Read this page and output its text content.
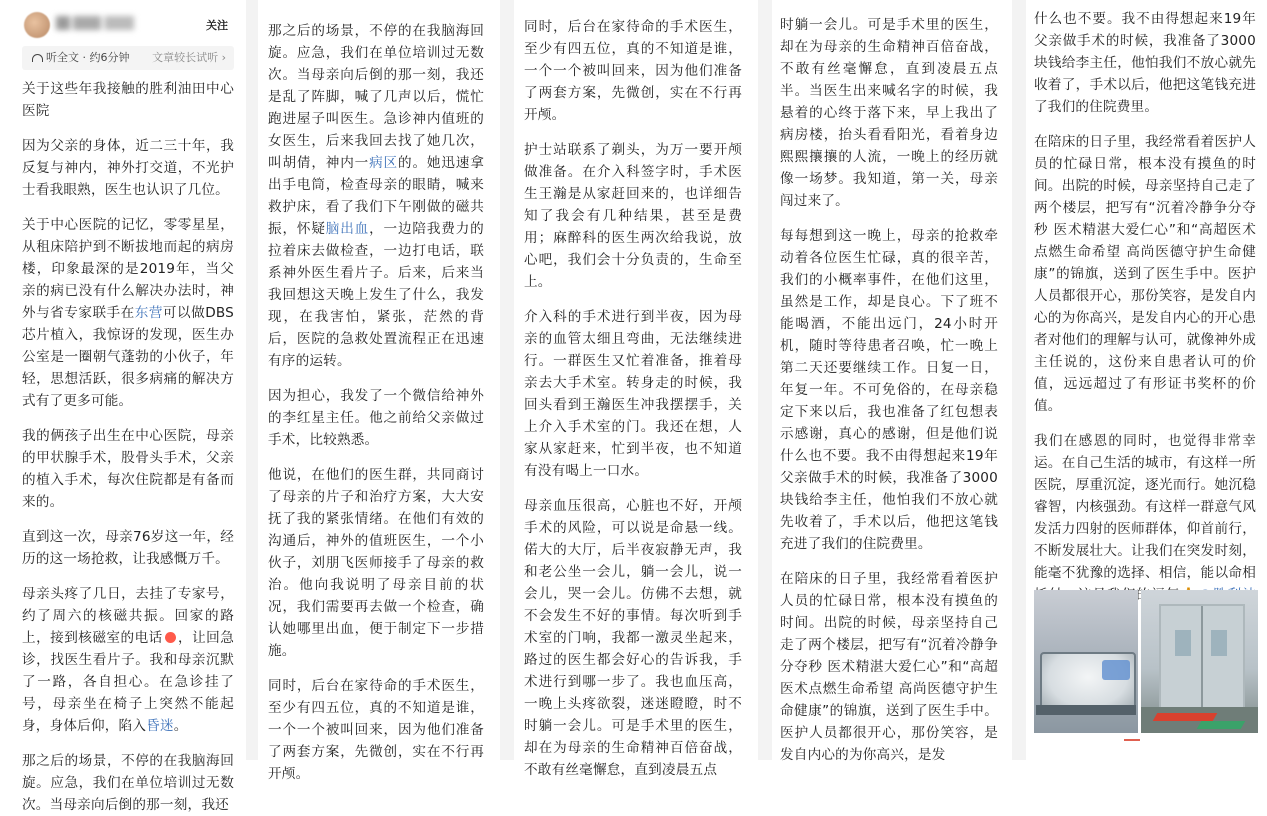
关注
听全文 · 约6分钟 文章较长试听 ›

关于这些年我接触的胜利油田中心医院

因为父亲的身体，近二三十年，我反复与神内，神外打交道，不光护士看我眼熟，医生也认识了几位。

关于中心医院的记忆，零零星星，从租床陪护到不断拔地而起的病房楼，印象最深的是2019年，当父亲的病已没有什么解决办法时，神外与省专家联手在东营可以做DBS芯片植入，我惊讶的发现，医生办公室是一圈朝气蓬勃的小伙子，年轻，思想活跃，很多病痛的解决方式有了更多可能。

我的俩孩子出生在中心医院，母亲的甲状腺手术，股骨头手术，父亲的植入手术，每次住院都是有备而来的。

直到这一次，母亲76岁这一年，经历的这一场抢救，让我感慨万千。

母亲头疼了几日，去挂了专家号，约了周六的核磁共振。回家的路上，接到核磁室的电话 ，让回急诊，找医生看片子。我和母亲沉默了一路，各自担心。在急诊挂了号，母亲坐在椅子上突然不能起身，身体后仰，陷入昏迷。

那之后的场景，不停的在我脑海回旋。应急，我们在单位培训过无数次。当母亲向后倒的那一刻，我还

那之后的场景，不停的在我脑海回旋。应急，我们在单位培训过无数次。当母亲向后倒的那一刻，我还是乱了阵脚，喊了几声以后，慌忙跑进屋子叫医生。急诊神内值班的女医生，后来我回去找了她几次，叫胡倩，神内一病区的。她迅速拿出手电筒，检查母亲的眼睛，喊来救护床，看了我们下午刚做的磁共振，怀疑脑出血，一边陪我费力的拉着床去做检查，一边打电话，联系神外医生看片子。后来，后来当我回想这天晚上发生了什么，我发现，在我害怕，紧张，茫然的背后，医院的急救处置流程正在迅速有序的运转。

因为担心，我发了一个微信给神外的李红星主任。他之前给父亲做过手术，比较熟悉。

他说，在他们的医生群，共同商讨了母亲的片子和治疗方案，大大安抚了我的紧张情绪。在他们有效的沟通后，神外的值班医生，一个小伙子，刘朋飞医师接手了母亲的救治。他向我说明了母亲目前的状况，我们需要再去做一个检查，确认她哪里出血，便于制定下一步措施。

同时，后台在家待命的手术医生，至少有四五位，真的不知道是谁，一个一个被叫回来，因为他们准备了两套方案，先微创，实在不行再开颅。

同时，后台在家待命的手术医生，至少有四五位，真的不知道是谁，一个一个被叫回来，因为他们准备了两套方案，先微创，实在不行再开颅。

护士站联系了剃头，为万一要开颅做准备。在介入科签字时，手术医生王瀚是从家赶回来的，也详细告知了我会有几种结果，甚至是费用；麻醉科的医生两次给我说，放心吧，我们会十分负责的，生命至上。

介入科的手术进行到半夜，因为母亲的血管太细且弯曲，无法继续进行。一群医生又忙着准备，推着母亲去大手术室。转身走的时候，我回头看到王瀚医生冲我摆摆手，关上介入手术室的门。我还在想，人家从家赶来，忙到半夜，也不知道有没有喝上一口水。

母亲血压很高，心脏也不好，开颅手术的风险，可以说是命悬一线。偌大的大厅，后半夜寂静无声，我和老公坐一会儿，躺一会儿，说一会儿，哭一会儿。仿佛不去想，就不会发生不好的事情。每次听到手术室的门响，我都一激灵坐起来，路过的医生都会好心的告诉我，手术进行到哪一步了。我也血压高，一晚上头疼欲裂，迷迷瞪瞪，时不时躺一会儿。可是手术里的医生，却在为母亲的生命精神百倍奋战，不敢有丝毫懈怠，直到凌晨五点

时躺一会儿。可是手术里的医生，却在为母亲的生命精神百倍奋战，不敢有丝毫懈怠，直到凌晨五点半。当医生出来喊名字的时候，我悬着的心终于落下来，早上我出了病房楼，抬头看看阳光，看着身边熙熙攘攘的人流，一晚上的经历就像一场梦。我知道，第一关，母亲闯过来了。

每每想到这一晚上，母亲的抢救牵动着各位医生忙碌，真的很辛苦，我们的小概率事件，在他们这里，虽然是工作，却是良心。下了班不能喝酒，不能出远门，24小时开机，随时等待患者召唤，忙一晚上第二天还要继续工作。日复一日，年复一年。不可免俗的，在母亲稳定下来以后，我也准备了红包想表示感谢，真心的感谢，但是他们说什么也不要。我不由得想起来19年父亲做手术的时候，我准备了3000块钱给李主任，他怕我们不放心就先收着了，手术以后，他把这笔钱充进了我们的住院费里。

在陪床的日子里，我经常看着医护人员的忙碌日常，根本没有摸鱼的时间。出院的时候，母亲坚持自己走了两个楼层，把写有“沉着冷静争分夺秒 医术精湛大爱仁心”和“高超医术点燃生命希望 高尚医德守护生命健康”的锦旗，送到了医生手中。医护人员都很开心，那份笑容，是发自内心的为你高兴，是发

什么也不要。我不由得想起来19年父亲做手术的时候，我准备了3000块钱给李主任，他怕我们不放心就先收着了，手术以后，他把这笔钱充进了我们的住院费里。

在陪床的日子里，我经常看着医护人员的忙碌日常，根本没有摸鱼的时间。出院的时候，母亲坚持自己走了两个楼层，把写有“沉着冷静争分夺秒 医术精湛大爱仁心”和“高超医术点燃生命希望 高尚医德守护生命健康”的锦旗，送到了医生手中。医护人员都很开心，那份笑容，是发自内心的为你高兴，是发自内心的开心患者对他们的理解与认可，就像神外成主任说的，这份来自患者认可的价值，远远超过了有形证书奖杯的价值。

我们在感恩的同时，也觉得非常幸运。在自己生活的城市，有这样一所医院，厚重沉淀，逐光而行。她沉稳睿智，内核强劲。有这样一群意气风发活力四射的医师群体，仰首前行，不断发展壮大。让我们在突发时刻，能毫不犹豫的选择、相信，能以命相
